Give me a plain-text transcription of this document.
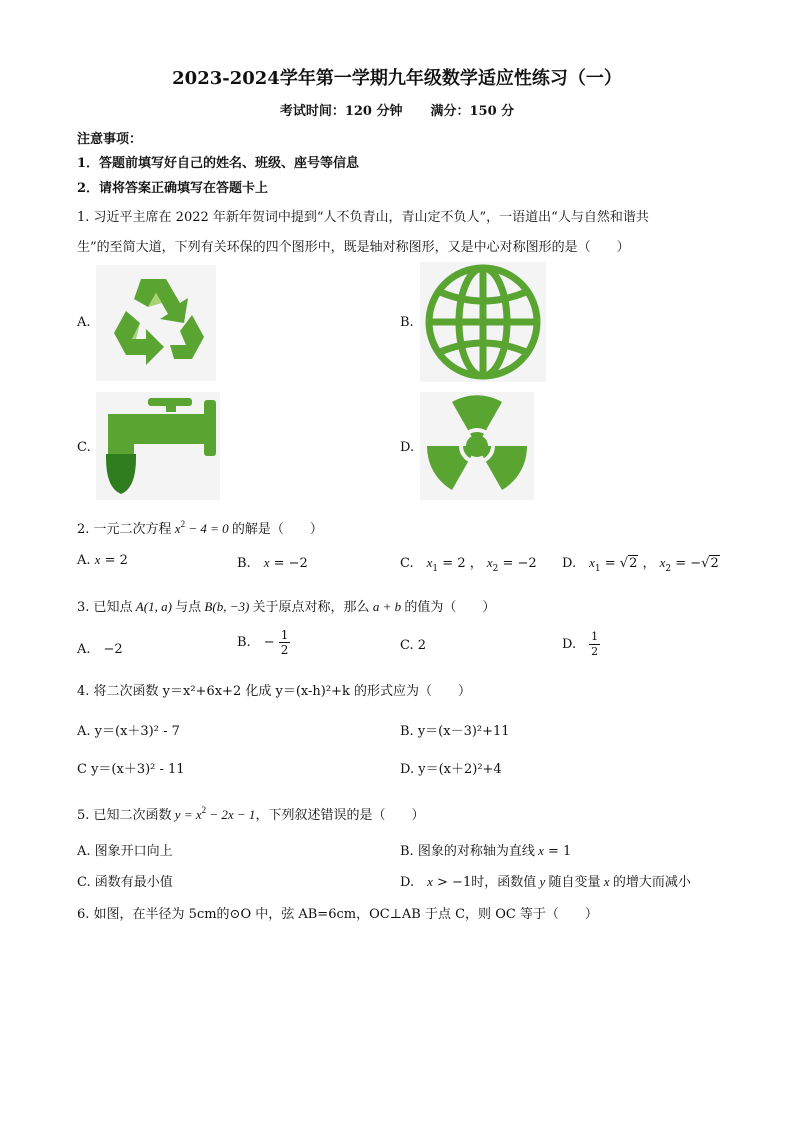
2023-2024学年第一学期九年级数学适应性练习（一）
考试时间：120 分钟 满分：150 分
注意事项：
1．答题前填写好自己的姓名、班级、座号等信息
2．请将答案正确填写在答题卡上
1. 习近平主席在 2022 年新年贺词中提到“人不负青山，青山定不负人”，一语道出“人与自然和谐共
生”的至简大道，下列有关环保的四个图形中，既是轴对称图形，又是中心对称图形的是（　　）
A.	B.
C.	D.
2. 一元二次方程 $x^2 - 4 = 0$ 的解是（　　）
A. x = 2	B.　 x = −2	C.　 $x_1 = 2$ ， $x_2 = -2$ D.　 $x_1 = √2$ ， $x_2 = -√2$
3. 已知点 A(1, a) 与点 B(b, −3) 关于原点对称，那么 a + b 的值为（　　）
A.　−2	B.　− $\frac{1}{2}$	C. 2	D.　 $\frac{1}{2}$
4. 将二次函数 y＝x²+6x+2 化成 y＝(x-h)²+k 的形式应为（　　）
A. y＝(x＋3)² - 7	B. y＝(x－3)²+11
C y＝(x＋3)² - 11	D. y＝(x＋2)²+4
5. 已知二次函数 $y = x^2 - 2x - 1$，下列叙述错误的是（　　）
A. 图象开口向上	B. 图象的对称轴为直线 x = 1
C. 函数有最小值	D.　 x > −1时，函数值 y 随自变量 x 的增大而减小
6. 如图，在半径为 5cm的⊙O 中，弦 AB=6cm，OC⊥AB 于点 C，则 OC 等于（　　）
